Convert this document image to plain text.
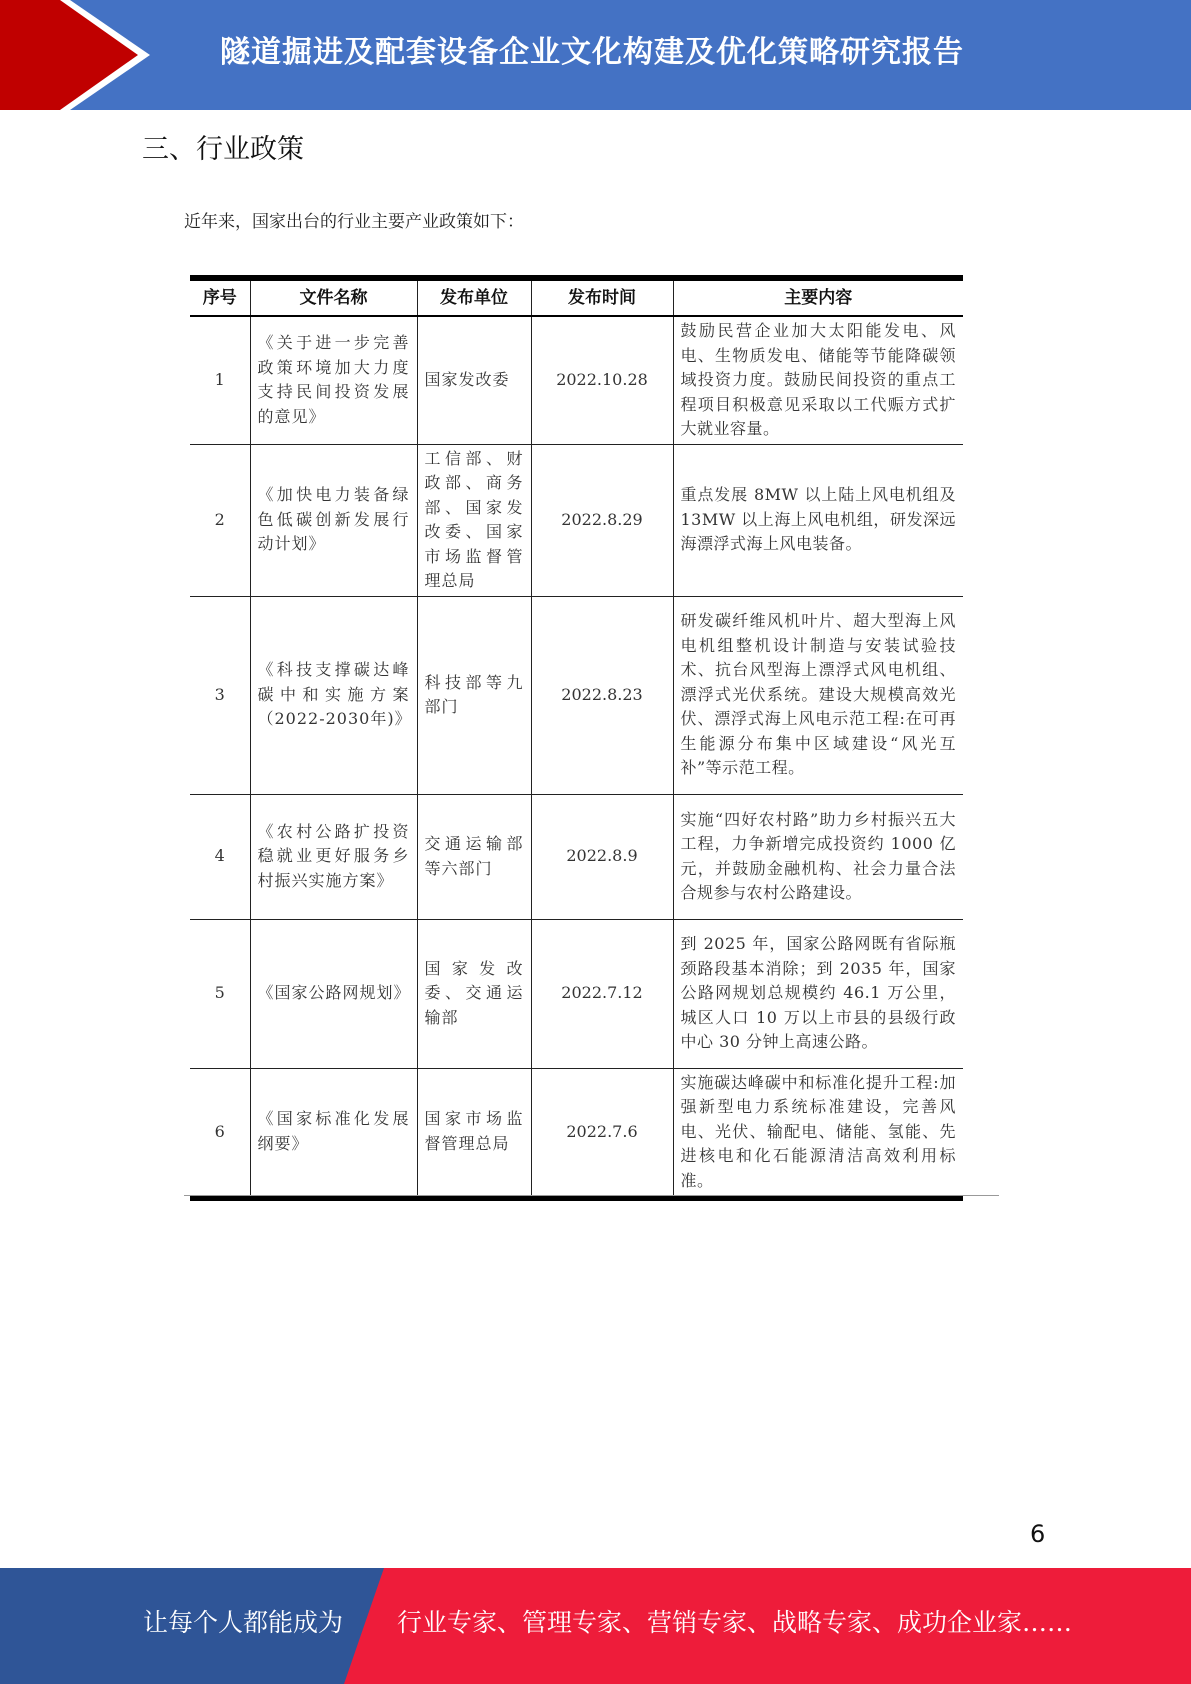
隧道掘进及配套设备企业文化构建及优化策略研究报告
三、行业政策
近年来，国家出台的行业主要产业政策如下：
序号	文件名称	发布单位	发布时间	主要内容
1	《关于进一步完善政策环境加大力度支持民间投资发展的意见》	国家发改委	2022.10.28	鼓励民营企业加大太阳能发电、风电、生物质发电、储能等节能降碳领域投资力度。鼓励民间投资的重点工程项目积极意见采取以工代赈方式扩大就业容量。
2	《加快电力装备绿色低碳创新发展行动计划》	工信部、财政部、商务部、国家发改委、国家市场监督管理总局	2022.8.29	重点发展 8MW 以上陆上风电机组及 13MW 以上海上风电机组，研发深远海漂浮式海上风电装备。
3	《科技支撑碳达峰碳中和实施方案（2022-2030年)》	科技部等九部门	2022.8.23	研发碳纤维风机叶片、超大型海上风电机组整机设计制造与安装试验技术、抗台风型海上漂浮式风电机组、漂浮式光伏系统。建设大规模高效光伏、漂浮式海上风电示范工程:在可再生能源分布集中区域建设“风光互补”等示范工程。
4	《农村公路扩投资稳就业更好服务乡村振兴实施方案》	交通运输部等六部门	2022.8.9	实施“四好农村路”助力乡村振兴五大工程，力争新增完成投资约 1000 亿元，并鼓励金融机构、社会力量合法合规参与农村公路建设。
5	《国家公路网规划》	国家发改委、交通运输部	2022.7.12	到 2025 年，国家公路网既有省际瓶颈路段基本消除；到 2035 年，国家公路网规划总规模约 46.1 万公里，城区人口 10 万以上市县的县级行政中心 30 分钟上高速公路。
6	《国家标准化发展纲要》	国家市场监督管理总局	2022.7.6	实施碳达峰碳中和标准化提升工程:加强新型电力系统标准建设，完善风电、光伏、输配电、储能、氢能、先进核电和化石能源清洁高效利用标准。
6
让每个人都能成为 行业专家、管理专家、营销专家、战略专家、成功企业家……
